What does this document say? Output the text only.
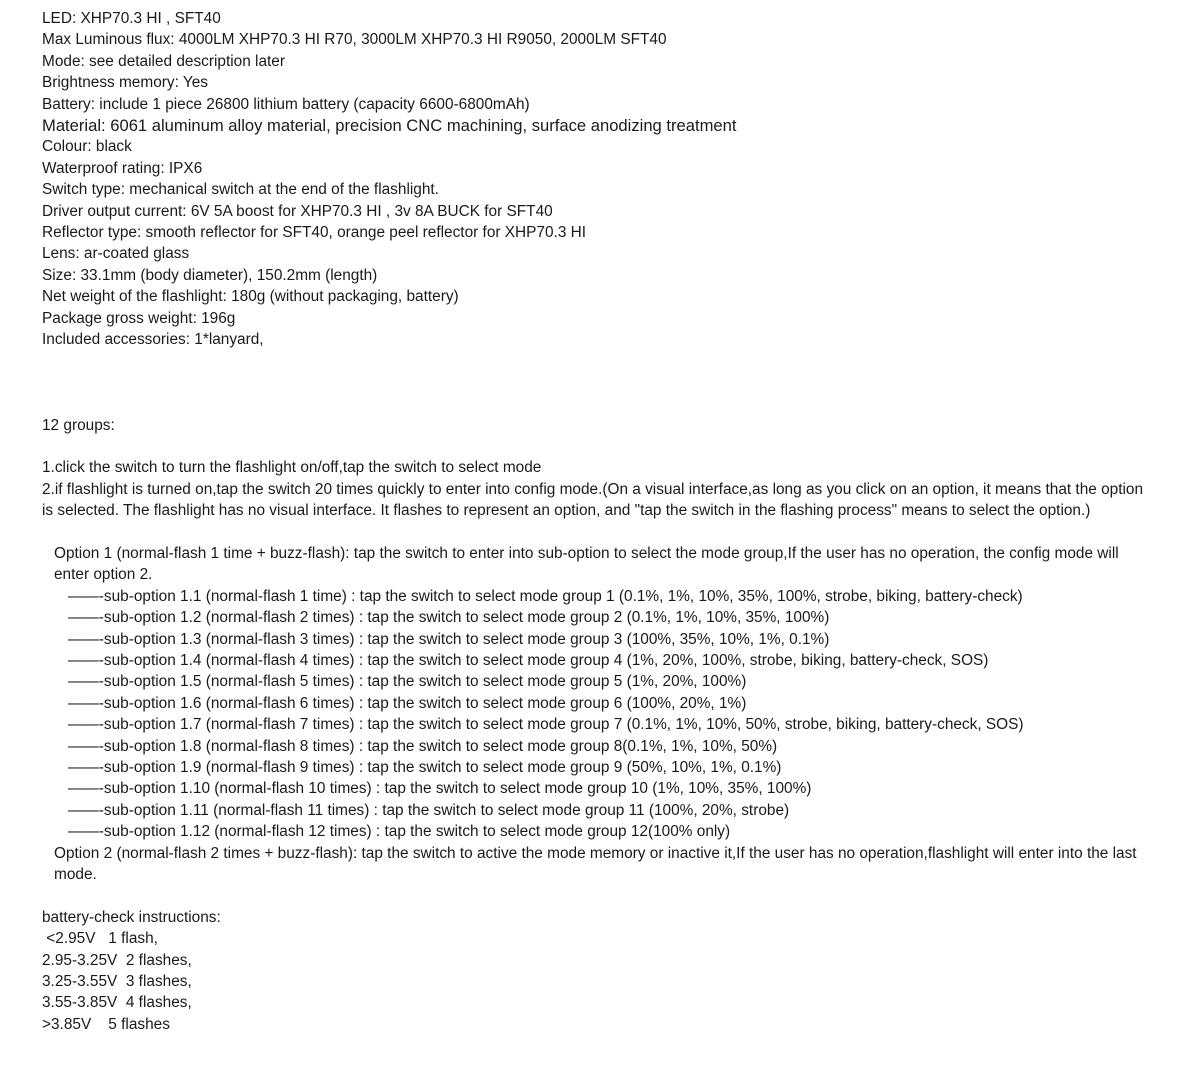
LED: XHP70.3 HI , SFT40
Max Luminous flux: 4000LM XHP70.3 HI R70, 3000LM XHP70.3 HI R9050, 2000LM SFT40
Mode: see detailed description later
Brightness memory: Yes
Battery: include 1 piece 26800 lithium battery (capacity 6600-6800mAh)
Material: 6061 aluminum alloy material, precision CNC machining, surface anodizing treatment
Colour: black
Waterproof rating: IPX6
Switch type: mechanical switch at the end of the flashlight.
Driver output current: 6V 5A boost for XHP70.3 HI , 3v 8A BUCK for SFT40
Reflector type: smooth reflector for SFT40, orange peel reflector for XHP70.3 HI
Lens: ar-coated glass
Size: 33.1mm (body diameter), 150.2mm (length)
Net weight of the flashlight: 180g (without packaging, battery)
Package gross weight: 196g
Included accessories: 1*lanyard,
12 groups:
1.click the switch to turn the flashlight on/off,tap the switch to select mode
2.if flashlight is turned on,tap the switch 20 times quickly to enter into config mode.(On a visual interface,as long as you click on an option, it means that the option is selected. The flashlight has no visual interface. It flashes to represent an option, and "tap the switch in the flashing process" means to select the option.)
Option 1 (normal-flash 1 time + buzz-flash): tap the switch to enter into sub-option to select the mode group,If the user has no operation, the config mode will enter option 2.
——-sub-option 1.1 (normal-flash 1 time) : tap the switch to select mode group 1 (0.1%, 1%, 10%, 35%, 100%, strobe, biking, battery-check)
——-sub-option 1.2 (normal-flash 2 times) : tap the switch to select mode group 2 (0.1%, 1%, 10%, 35%, 100%)
——-sub-option 1.3 (normal-flash 3 times) : tap the switch to select mode group 3 (100%, 35%, 10%, 1%, 0.1%)
——-sub-option 1.4 (normal-flash 4 times) : tap the switch to select mode group 4 (1%, 20%, 100%, strobe, biking, battery-check, SOS)
——-sub-option 1.5 (normal-flash 5 times) : tap the switch to select mode group 5 (1%, 20%, 100%)
——-sub-option 1.6 (normal-flash 6 times) : tap the switch to select mode group 6 (100%, 20%, 1%)
——-sub-option 1.7 (normal-flash 7 times) : tap the switch to select mode group 7 (0.1%, 1%, 10%, 50%, strobe, biking, battery-check, SOS)
——-sub-option 1.8 (normal-flash 8 times) : tap the switch to select mode group 8(0.1%, 1%, 10%, 50%)
——-sub-option 1.9 (normal-flash 9 times) : tap the switch to select mode group 9 (50%, 10%, 1%, 0.1%)
——-sub-option 1.10 (normal-flash 10 times) : tap the switch to select mode group 10 (1%, 10%, 35%, 100%)
——-sub-option 1.11 (normal-flash 11 times) : tap the switch to select mode group 11 (100%, 20%, strobe)
——-sub-option 1.12 (normal-flash 12 times) : tap the switch to select mode group 12(100% only)
Option 2 (normal-flash 2 times + buzz-flash): tap the switch to active the mode memory or inactive it,If the user has no operation,flashlight will enter into the last mode.
battery-check instructions:
<2.95V   1 flash,
2.95-3.25V  2 flashes,
3.25-3.55V  3 flashes,
3.55-3.85V  4 flashes,
>3.85V    5 flashes
